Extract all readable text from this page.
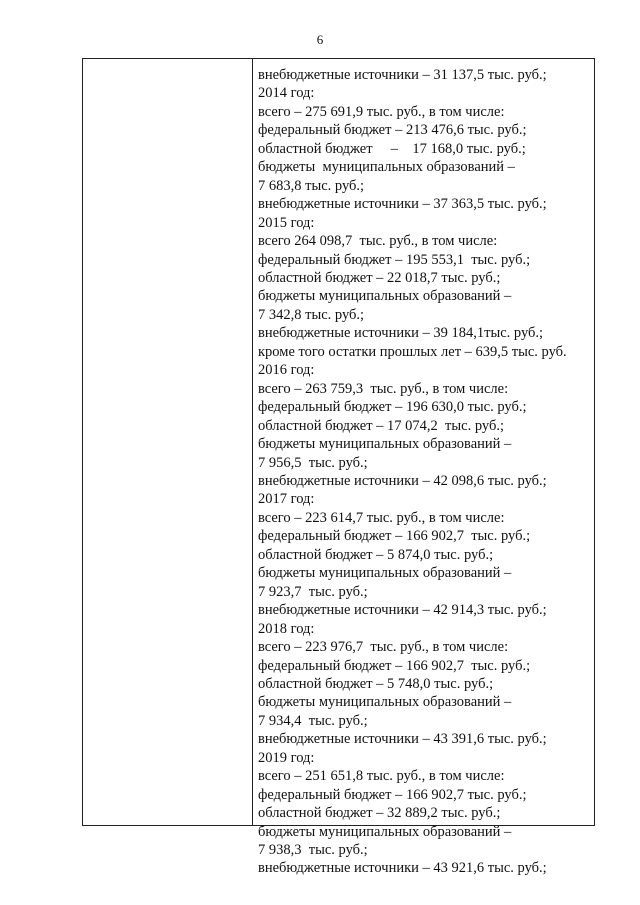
6
внебюджетные источники – 31 137,5 тыс. руб.;
2014 год:
всего – 275 691,9 тыс. руб., в том числе:
федеральный бюджет – 213 476,6 тыс. руб.;
областной бюджет     –    17 168,0 тыс. руб.;
бюджеты  муниципальных образований –
7 683,8 тыс. руб.;
внебюджетные источники – 37 363,5 тыс. руб.;
2015 год:
всего 264 098,7  тыс. руб., в том числе:
федеральный бюджет – 195 553,1  тыс. руб.;
областной бюджет – 22 018,7 тыс. руб.;
бюджеты муниципальных образований –
7 342,8 тыс. руб.;
внебюджетные источники – 39 184,1тыс. руб.;
кроме того остатки прошлых лет – 639,5 тыс. руб.
2016 год:
всего – 263 759,3  тыс. руб., в том числе:
федеральный бюджет – 196 630,0 тыс. руб.;
областной бюджет – 17 074,2  тыс. руб.;
бюджеты муниципальных образований –
7 956,5  тыс. руб.;
внебюджетные источники – 42 098,6 тыс. руб.;
2017 год:
всего – 223 614,7 тыс. руб., в том числе:
федеральный бюджет – 166 902,7  тыс. руб.;
областной бюджет – 5 874,0 тыс. руб.;
бюджеты муниципальных образований –
7 923,7  тыс. руб.;
внебюджетные источники – 42 914,3 тыс. руб.;
2018 год:
всего – 223 976,7  тыс. руб., в том числе:
федеральный бюджет – 166 902,7  тыс. руб.;
областной бюджет – 5 748,0 тыс. руб.;
бюджеты муниципальных образований –
7 934,4  тыс. руб.;
внебюджетные источники – 43 391,6 тыс. руб.;
2019 год:
всего – 251 651,8 тыс. руб., в том числе:
федеральный бюджет – 166 902,7 тыс. руб.;
областной бюджет – 32 889,2 тыс. руб.;
бюджеты муниципальных образований –
7 938,3  тыс. руб.;
внебюджетные источники – 43 921,6 тыс. руб.;
